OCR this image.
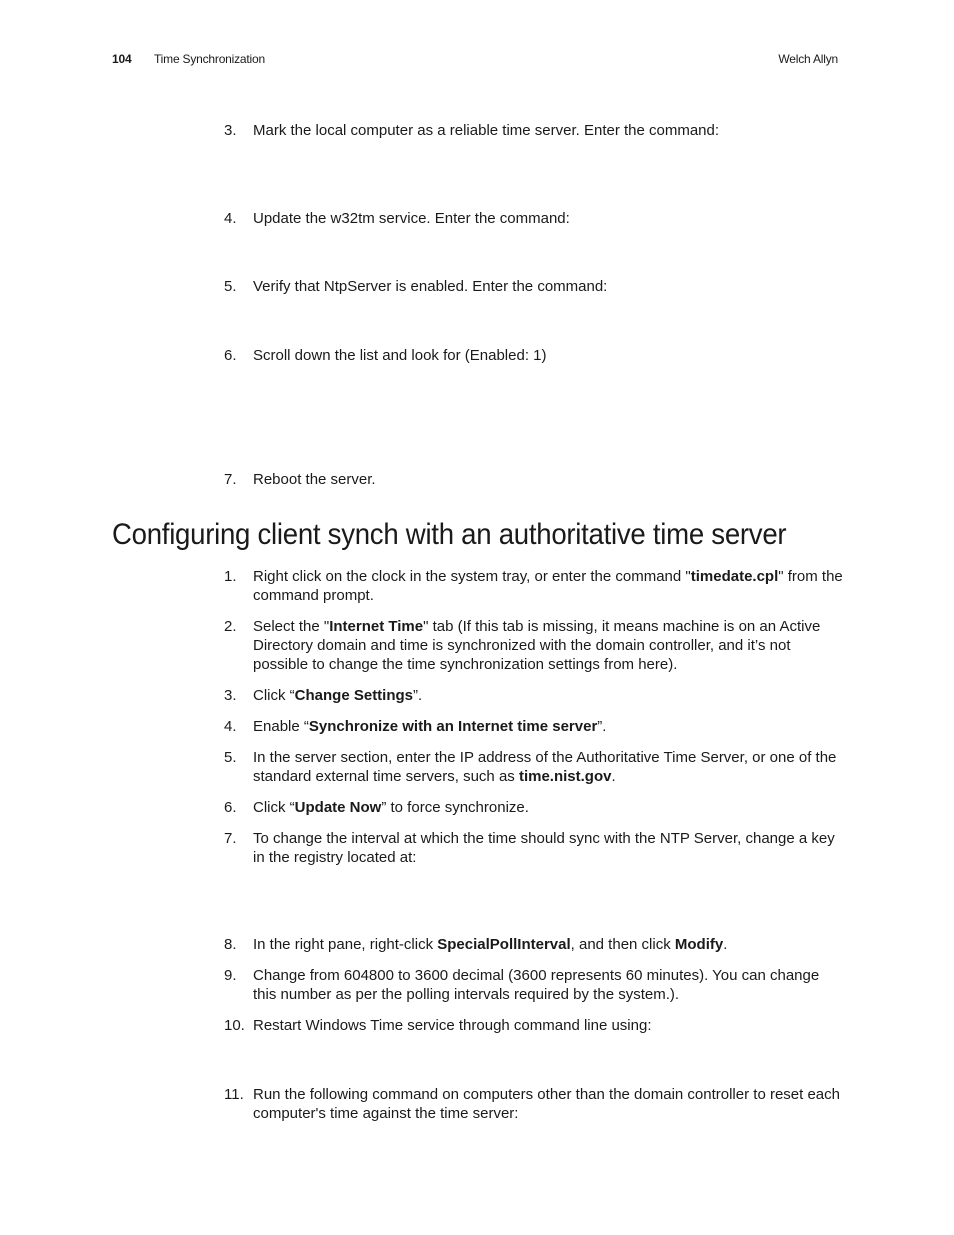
104 Time Synchronization	Welch Allyn
3.	Mark the local computer as a reliable time server. Enter the command:
4.	Update the w32tm service. Enter the command:
5.	Verify that NtpServer is enabled. Enter the command:
6.	Scroll down the list and look for (Enabled: 1)
7.	Reboot the server.
Configuring client synch with an authoritative time server
1.	Right click on the clock in the system tray, or enter the command "timedate.cpl" from the command prompt.
2.	Select the "Internet Time" tab (If this tab is missing, it means machine is on an Active Directory domain and time is synchronized with the domain controller, and it’s not possible to change the time synchronization settings from here).
3.	Click “Change Settings”.
4.	Enable “Synchronize with an Internet time server”.
5.	In the server section, enter the IP address of the Authoritative Time Server, or one of the standard external time servers, such as time.nist.gov.
6.	Click “Update Now” to force synchronize.
7.	To change the interval at which the time should sync with the NTP Server, change a key in the registry located at:
8.	In the right pane, right-click SpecialPollInterval, and then click Modify.
9.	Change from 604800 to 3600 decimal (3600 represents 60 minutes). You can change this number as per the polling intervals required by the system.).
10. Restart Windows Time service through command line using:
11. Run the following command on computers other than the domain controller to reset each computer's time against the time server:
